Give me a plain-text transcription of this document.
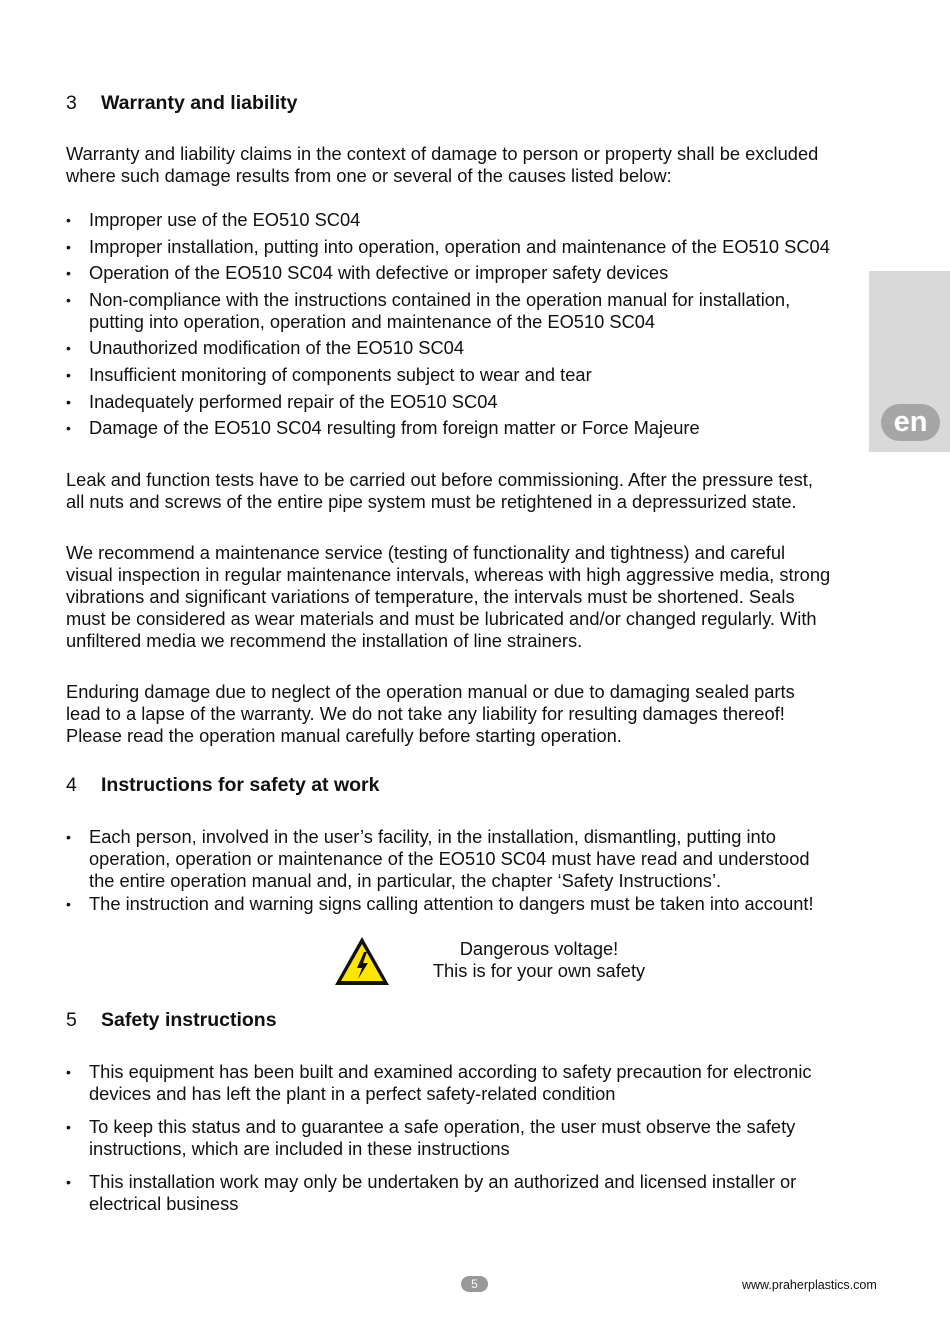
en
3 Warranty and liability
Warranty and liability claims in the context of damage to person or property shall be excluded
where such damage results from one or several of the causes listed below:
• Improper use of the EO510 SC04
• Improper installation, putting into operation, operation and maintenance of the EO510 SC04
• Operation of the EO510 SC04 with defective or improper safety devices
• Non-compliance with the instructions contained in the operation manual for installation,
putting into operation, operation and maintenance of the EO510 SC04
• Unauthorized modification of the EO510 SC04
• Insufficient monitoring of components subject to wear and tear
• Inadequately performed repair of the EO510 SC04
• Damage of the EO510 SC04 resulting from foreign matter or Force Majeure
Leak and function tests have to be carried out before commissioning. After the pressure test,
all nuts and screws of the entire pipe system must be retightened in a depressurized state.
We recommend a maintenance service (testing of functionality and tightness) and careful
visual inspection in regular maintenance intervals, whereas with high aggressive media, strong
vibrations and significant variations of temperature, the intervals must be shortened. Seals
must be considered as wear materials and must be lubricated and/or changed regularly. With
unfiltered media we recommend the installation of line strainers.
Enduring damage due to neglect of the operation manual or due to damaging sealed parts
lead to a lapse of the warranty. We do not take any liability for resulting damages thereof!
Please read the operation manual carefully before starting operation.
4 Instructions for safety at work
• Each person, involved in the user’s facility, in the installation, dismantling, putting into
operation, operation or maintenance of the EO510 SC04 must have read and understood
the entire operation manual and, in particular, the chapter ‘Safety Instructions’.
• The instruction and warning signs calling attention to dangers must be taken into account!
Dangerous voltage!
This is for your own safety
5 Safety instructions
• This equipment has been built and examined according to safety precaution for electronic
devices and has left the plant in a perfect safety-related condition
• To keep this status and to guarantee a safe operation, the user must observe the safety
instructions, which are included in these instructions
• This installation work may only be undertaken by an authorized and licensed installer or
electrical business
5	www.praherplastics.com
